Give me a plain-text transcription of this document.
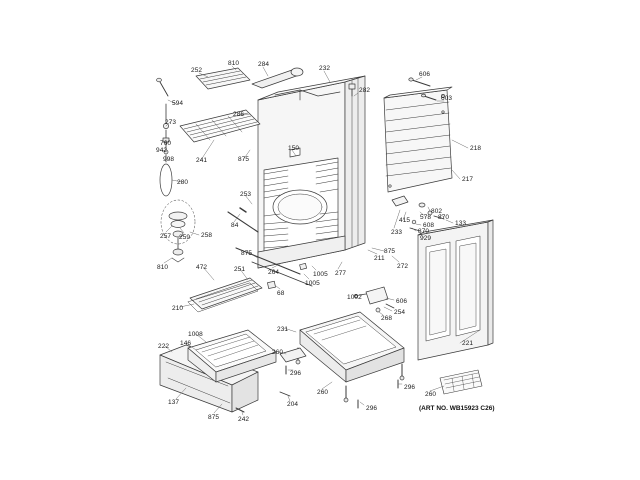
252
810	284
232
282
606
603
594
286
273
760
942
241	875
150	218
998
280	217
253
802
578 870
133
84
233
415
608
870
929
257 259 258
875	875
810
264	1005 277
211
272
472	251
1005
68
1002
606
254
268
210
231
221
1008
146
222
260
296
296
260	260
296
137
875
204
242
(ART NO. WB15923 C26)
